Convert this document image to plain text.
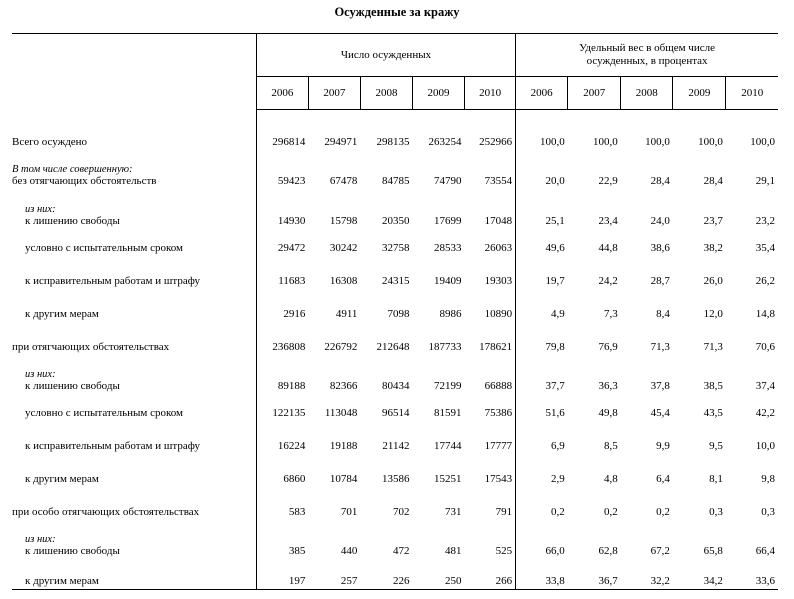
Осужденные за кражу
	Число осужденных					Удельный вес в общем числе
осужденных, в процентах				

	2006	2007	2008	2009	2010	2006	2007	2008	2009	2010

Всего осуждено	296814	294971	298135	263254	252966	100,0	100,0	100,0	100,0	100,0

В том числе совершенную:
без отягчающих обстоятельств	59423	67478	84785	74790	73554	20,0	22,9	28,4	28,4	29,1

из них:
к лишению свободы	14930	15798	20350	17699	17048	25,1	23,4	24,0	23,7	23,2

условно с испытательным сроком	29472	30242	32758	28533	26063	49,6	44,8	38,6	38,2	35,4

к исправительным работам и штрафу	11683	16308	24315	19409	19303	19,7	24,2	28,7	26,0	26,2

к другим мерам	2916	4911	7098	8986	10890	4,9	7,3	8,4	12,0	14,8

при отягчающих обстоятельствах	236808	226792	212648	187733	178621	79,8	76,9	71,3	71,3	70,6

из них:
к лишению свободы	89188	82366	80434	72199	66888	37,7	36,3	37,8	38,5	37,4

условно с испытательным сроком	122135	113048	96514	81591	75386	51,6	49,8	45,4	43,5	42,2

к исправительным работам и штрафу	16224	19188	21142	17744	17777	6,9	8,5	9,9	9,5	10,0

к другим мерам	6860	10784	13586	15251	17543	2,9	4,8	6,4	8,1	9,8

при особо отягчающих обстоятельствах	583	701	702	731	791	0,2	0,2	0,2	0,3	0,3

из них:
к лишению свободы	385	440	472	481	525	66,0	62,8	67,2	65,8	66,4

к другим мерам	197	257	226	250	266	33,8	36,7	32,2	34,2	33,6
